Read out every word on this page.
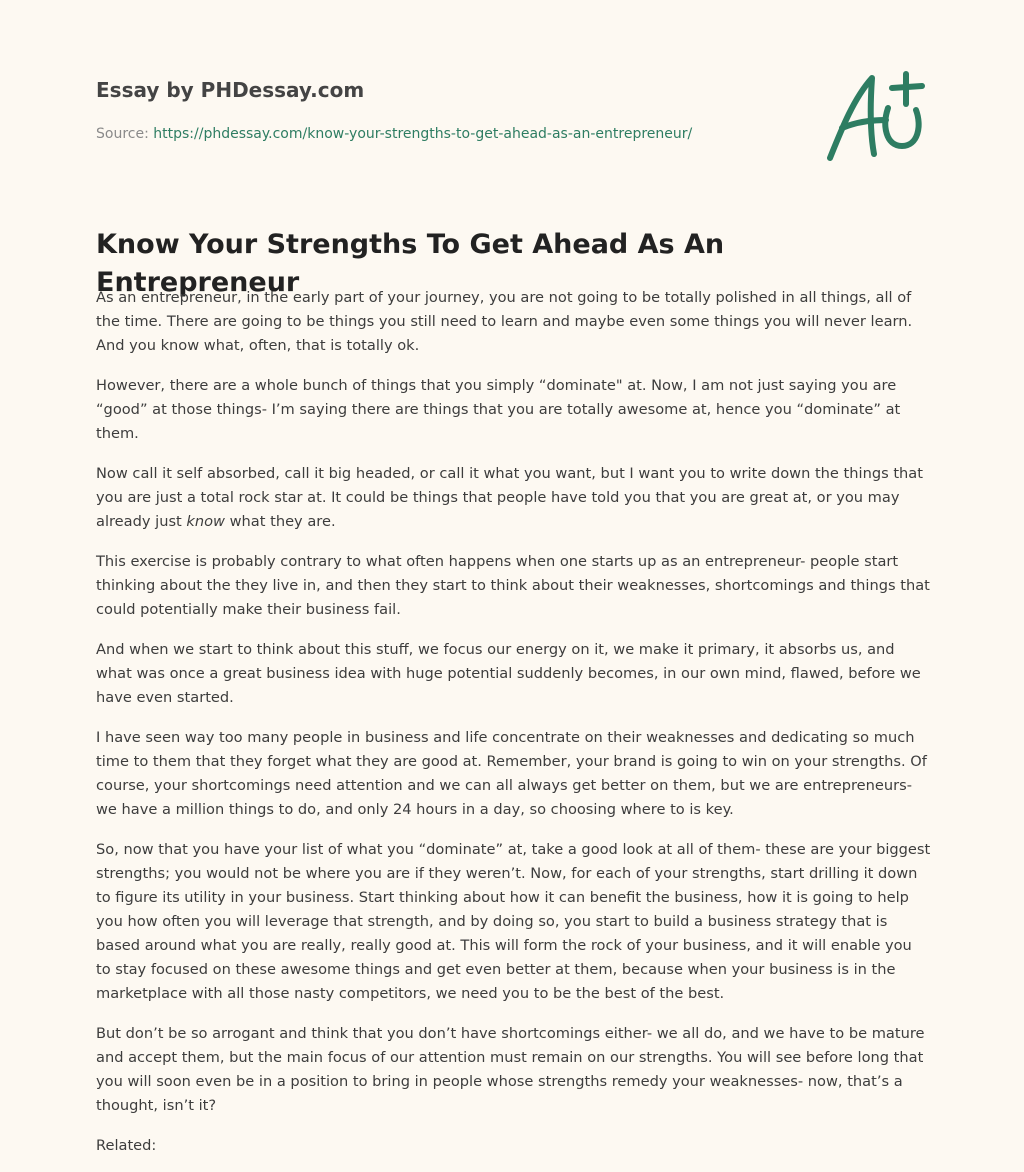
Essay by PHDessay.com
Source: https://phdessay.com/know-your-strengths-to-get-ahead-as-an-entrepreneur/
Know Your Strengths To Get Ahead As An Entrepreneur

As an entrepreneur, in the early part of your journey, you are not going to be totally polished in all things, all of the time. There are going to be things you still need to learn and maybe even some things you will never learn. And you know what, often, that is totally ok.

However, there are a whole bunch of things that you simply “dominate" at. Now, I am not just saying you are “good” at those things- I’m saying there are things that you are totally awesome at, hence you “dominate” at them.

Now call it self absorbed, call it big headed, or call it what you want, but I want you to write down the things that you are just a total rock star at. It could be things that people have told you that you are great at, or you may already just know what they are.

This exercise is probably contrary to what often happens when one starts up as an entrepreneur- people start thinking about the they live in, and then they start to think about their weaknesses, shortcomings and things that could potentially make their business fail.

And when we start to think about this stuff, we focus our energy on it, we make it primary, it absorbs us, and what was once a great business idea with huge potential suddenly becomes, in our own mind, flawed, before we have even started.

I have seen way too many people in business and life concentrate on their weaknesses and dedicating so much time to them that they forget what they are good at. Remember, your brand is going to win on your strengths. Of course, your shortcomings need attention and we can all always get better on them, but we are entrepreneurs- we have a million things to do, and only 24 hours in a day, so choosing where to is key.

So, now that you have your list of what you “dominate” at, take a good look at all of them- these are your biggest strengths; you would not be where you are if they weren’t. Now, for each of your strengths, start drilling it down to figure its utility in your business. Start thinking about how it can benefit the business, how it is going to help you how often you will leverage that strength, and by doing so, you start to build a business strategy that is based around what you are really, really good at. This will form the rock of your business, and it will enable you to stay focused on these awesome things and get even better at them, because when your business is in the marketplace with all those nasty competitors, we need you to be the best of the best.

But don’t be so arrogant and think that you don’t have shortcomings either- we all do, and we have to be mature and accept them, but the main focus of our attention must remain on our strengths. You will see before long that you will soon even be in a position to bring in people whose strengths remedy your weaknesses- now, that’s a thought, isn’t it?

Related:
